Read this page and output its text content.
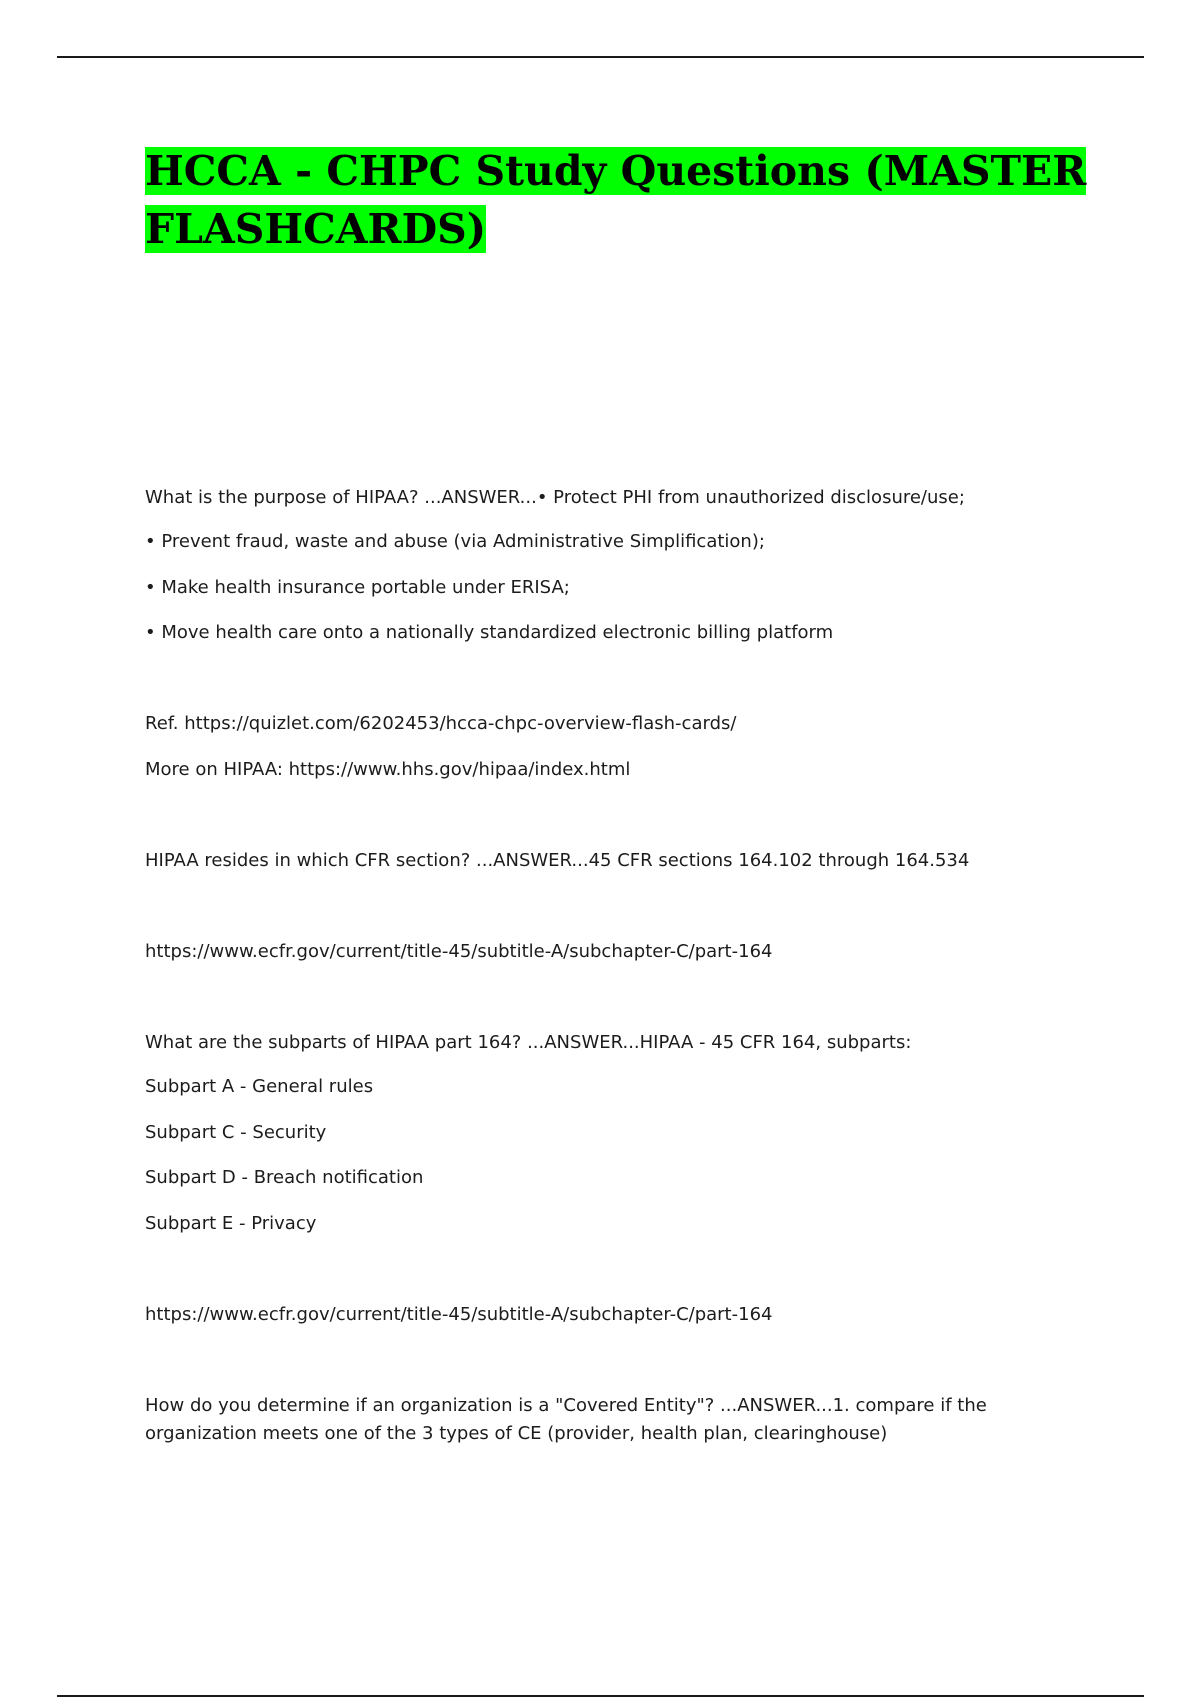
HCCA - CHPC Study Questions (MASTER
FLASHCARDS)

What is the purpose of HIPAA? ...ANSWER...• Protect PHI from unauthorized disclosure/use;

• Prevent fraud, waste and abuse (via Administrative Simplification);

• Make health insurance portable under ERISA;

• Move health care onto a nationally standardized electronic billing platform

Ref. https://quizlet.com/6202453/hcca-chpc-overview-flash-cards/

More on HIPAA: https://www.hhs.gov/hipaa/index.html

HIPAA resides in which CFR section? ...ANSWER...45 CFR sections 164.102 through 164.534

https://www.ecfr.gov/current/title-45/subtitle-A/subchapter-C/part-164

What are the subparts of HIPAA part 164? ...ANSWER...HIPAA - 45 CFR 164, subparts:

Subpart A - General rules

Subpart C - Security

Subpart D - Breach notification

Subpart E - Privacy

https://www.ecfr.gov/current/title-45/subtitle-A/subchapter-C/part-164

How do you determine if an organization is a "Covered Entity"? ...ANSWER...1. compare if the

organization meets one of the 3 types of CE (provider, health plan, clearinghouse)
